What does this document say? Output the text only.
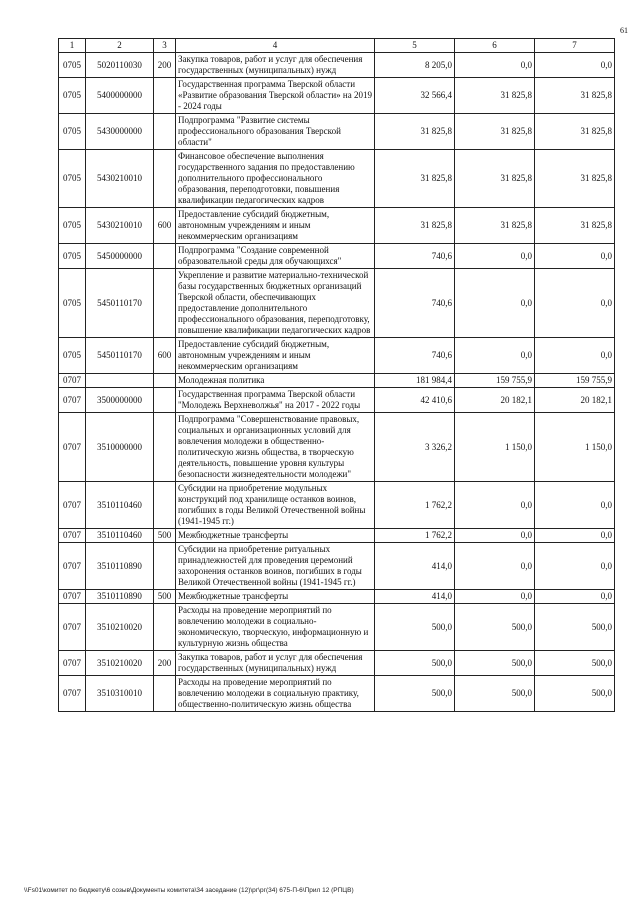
61
1	2	3	4	5	6	7
0705	5020110030	200	Закупка товаров, работ и услуг для обеспечения государственных (муниципальных) нужд	8 205,0	0,0	0,0
0705	5400000000		Государственная программа Тверской области «Развитие образования Тверской области» на 2019 - 2024 годы	32 566,4	31 825,8	31 825,8
0705	5430000000		Подпрограмма "Развитие системы профессионального образования Тверской области"	31 825,8	31 825,8	31 825,8
0705	5430210010		Финансовое обеспечение выполнения государственного задания по предоставлению дополнительного профессионального образования, переподготовки, повышения квалификации педагогических кадров	31 825,8	31 825,8	31 825,8
0705	5430210010	600	Предоставление субсидий бюджетным, автономным учреждениям и иным некоммерческим организациям	31 825,8	31 825,8	31 825,8
0705	5450000000		Подпрограмма "Создание современной образовательной среды для обучающихся"	740,6	0,0	0,0
0705	5450110170		Укрепление и развитие материально-технической базы государственных бюджетных организаций Тверской области, обеспечивающих предоставление дополнительного профессионального образования, переподготовку, повышение квалификации педагогических кадров	740,6	0,0	0,0
0705	5450110170	600	Предоставление субсидий бюджетным, автономным учреждениям и иным некоммерческим организациям	740,6	0,0	0,0
0707			Молодежная политика	181 984,4	159 755,9	159 755,9
0707	3500000000		Государственная программа Тверской области "Молодежь Верхневолжья" на 2017 - 2022 годы	42 410,6	20 182,1	20 182,1
0707	3510000000		Подпрограмма "Совершенствование правовых, социальных и организационных условий для вовлечения молодежи в общественно-политическую жизнь общества, в творческую деятельность, повышение уровня культуры безопасности жизнедеятельности молодежи"	3 326,2	1 150,0	1 150,0
0707	3510110460		Субсидии на приобретение модульных конструкций под хранилище останков воинов, погибших в годы Великой Отечественной войны (1941-1945 гг.)	1 762,2	0,0	0,0
0707	3510110460	500	Межбюджетные трансферты	1 762,2	0,0	0,0
0707	3510110890		Субсидии на приобретение ритуальных принадлежностей для проведения церемоний захоронения останков воинов, погибших в годы Великой Отечественной войны (1941-1945 гг.)	414,0	0,0	0,0
0707	3510110890	500	Межбюджетные трансферты	414,0	0,0	0,0
0707	3510210020		Расходы на проведение мероприятий по вовлечению молодежи в социально-экономическую, творческую, информационную и культурную жизнь общества	500,0	500,0	500,0
0707	3510210020	200	Закупка товаров, работ и услуг для обеспечения государственных (муниципальных) нужд	500,0	500,0	500,0
0707	3510310010		Расходы на проведение мероприятий по вовлечению молодежи в социальную практику, общественно-политическую жизнь общества	500,0	500,0	500,0
\\Fs01\комитет по бюджету\6 созыв\Документы комитета\34 заседание (12)\рг\рг(34) 675-П-6\Прил 12 (РПЦВ)
